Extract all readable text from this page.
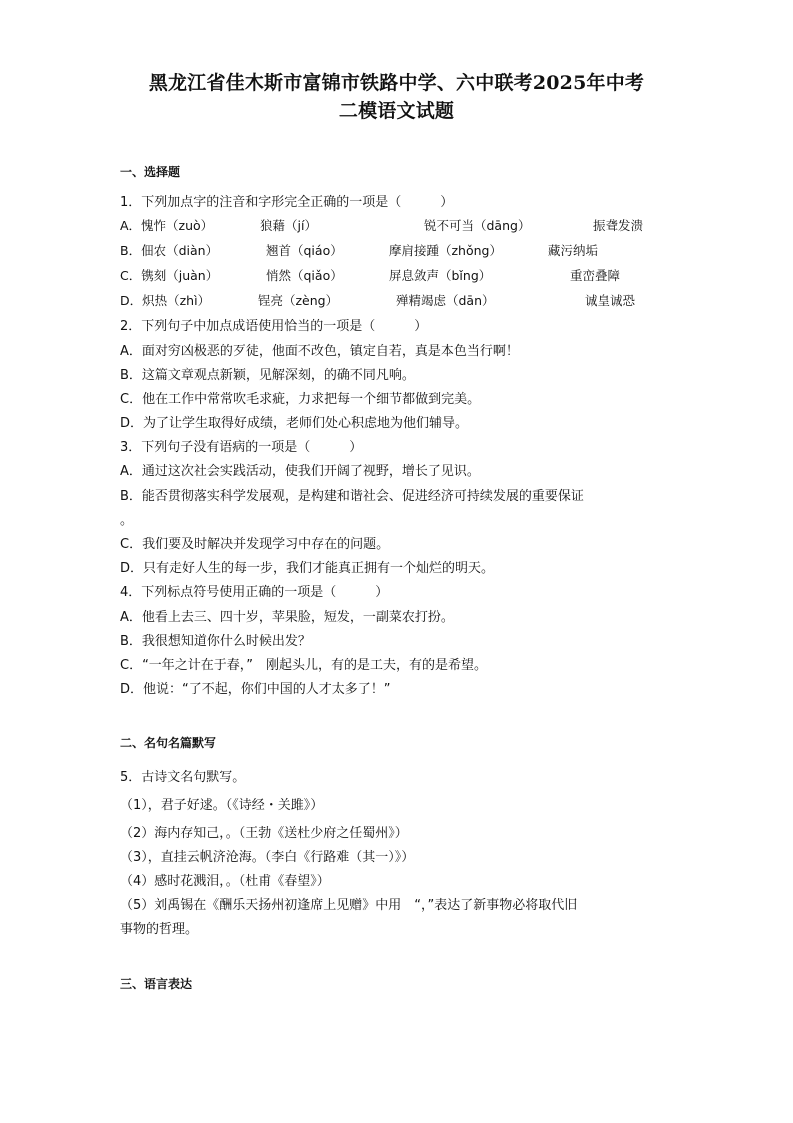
黑龙江省佳木斯市富锦市铁路中学、六中联考2025年中考
二模语文试题
一、选择题
1．下列加点字的注音和字形完全正确的一项是（　　　）
A．愧怍（zuò）	狼藉（jí）	锐不可当（dāng）	振聋发溃
B．佃农（diàn）	翘首（qiáo）	摩肩接踵（zhǒng）	藏污纳垢
C．镌刻（juàn）	悄然（qiǎo）	屏息敛声（bǐng）	重峦叠障
D．炽热（zhì）	锃亮（zèng）	殚精竭虑（dān）	诚皇诚恐
2．下列句子中加点成语使用恰当的一项是（　　　）
A．面对穷凶极恶的歹徒，他面不改色，镇定自若，真是本色当行啊！
B．这篇文章观点新颖，见解深刻，的确不同凡响。
C．他在工作中常常吹毛求疵，力求把每一个细节都做到完美。
D．为了让学生取得好成绩，老师们处心积虑地为他们辅导。
3．下列句子没有语病的一项是（　　　）
A．通过这次社会实践活动，使我们开阔了视野，增长了见识。
B．能否贯彻落实科学发展观，是构建和谐社会、促进经济可持续发展的重要保证
。
C．我们要及时解决并发现学习中存在的问题。
D．只有走好人生的每一步，我们才能真正拥有一个灿烂的明天。
4．下列标点符号使用正确的一项是（　　　）
A．他看上去三、四十岁，苹果脸，短发，一副菜农打扮。
B．我很想知道你什么时候出发？
C．“一年之计在于春，”　刚起头儿，有的是工夫，有的是希望。
D．他说：“了不起，你们中国的人才太多了！”
二、名句名篇默写
5．古诗文名句默写。
（1），君子好逑。（《诗经・关雎》）
（2）海内存知己，。（王勃《送杜少府之任蜀州》）
（3），直挂云帆济沧海。（李白《行路难（其一）》）
（4）感时花溅泪，。（杜甫《春望》）
（5）刘禹锡在《酬乐天扬州初逢席上见赠》中用　“，”表达了新事物必将取代旧
事物的哲理。
三、语言表达
